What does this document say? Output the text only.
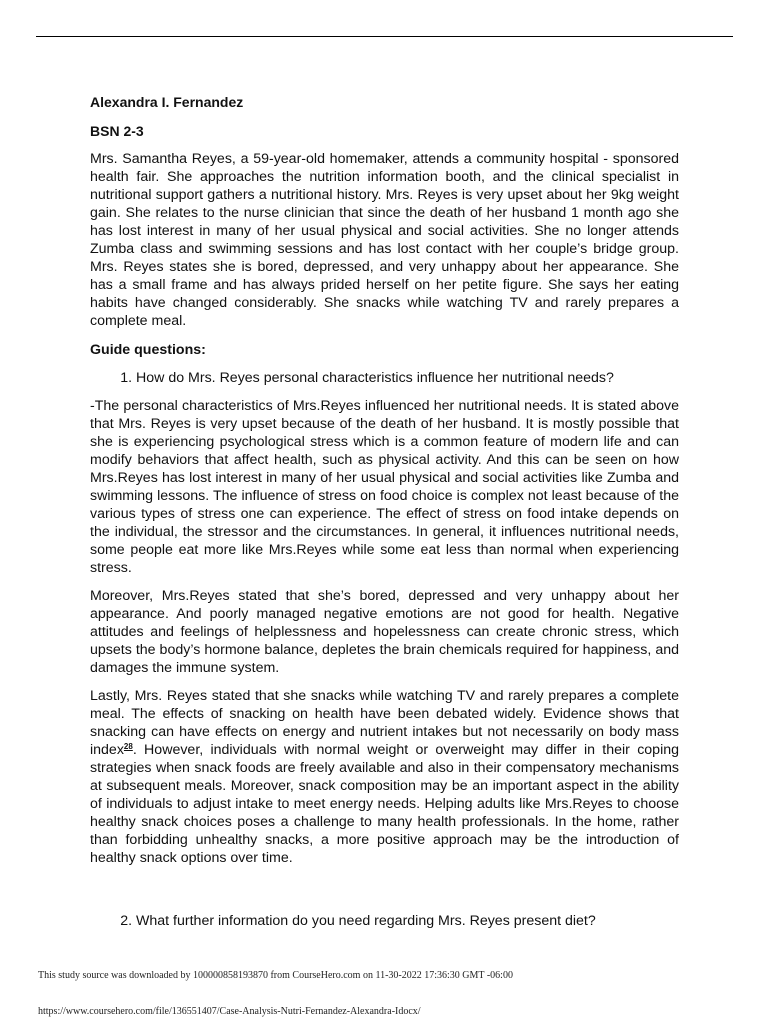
Alexandra I. Fernandez

BSN 2-3

Mrs. Samantha Reyes, a 59-year-old homemaker, attends a community hospital - sponsored health fair. She approaches the nutrition information booth, and the clinical specialist in nutritional support gathers a nutritional history. Mrs. Reyes is very upset about her 9kg weight gain. She relates to the nurse clinician that since the death of her husband 1 month ago she has lost interest in many of her usual physical and social activities. She no longer attends Zumba class and swimming sessions and has lost contact with her couple’s bridge group. Mrs. Reyes states she is bored, depressed, and very unhappy about her appearance. She has a small frame and has always prided herself on her petite figure. She says her eating habits have changed considerably. She snacks while watching TV and rarely prepares a complete meal.

Guide questions:

1. How do Mrs. Reyes personal characteristics influence her nutritional needs?

-The personal characteristics of Mrs.Reyes influenced her nutritional needs. It is stated above that Mrs. Reyes is very upset because of the death of her husband. It is mostly possible that she is experiencing psychological stress which is a common feature of modern life and can modify behaviors that affect health, such as physical activity. And this can be seen on how Mrs.Reyes has lost interest in many of her usual physical and social activities like Zumba and swimming lessons. The influence of stress on food choice is complex not least because of the various types of stress one can experience. The effect of stress on food intake depends on the individual, the stressor and the circumstances. In general, it influences nutritional needs, some people eat more like Mrs.Reyes while some eat less than normal when experiencing stress.

Moreover, Mrs.Reyes stated that she’s bored, depressed and very unhappy about her appearance. And poorly managed negative emotions are not good for health. Negative attitudes and feelings of helplessness and hopelessness can create chronic stress, which upsets the body’s hormone balance, depletes the brain chemicals required for happiness, and damages the immune system.

Lastly, Mrs. Reyes stated that she snacks while watching TV and rarely prepares a complete meal. The effects of snacking on health have been debated widely. Evidence shows that snacking can have effects on energy and nutrient intakes but not necessarily on body mass index$^{28}$. However, individuals with normal weight or overweight may differ in their coping strategies when snack foods are freely available and also in their compensatory mechanisms at subsequent meals. Moreover, snack composition may be an important aspect in the ability of individuals to adjust intake to meet energy needs. Helping adults like Mrs.Reyes to choose healthy snack choices poses a challenge to many health professionals. In the home, rather than forbidding unhealthy snacks, a more positive approach may be the introduction of healthy snack options over time.

2. What further information do you need regarding Mrs. Reyes present diet?
This study source was downloaded by 100000858193870 from CourseHero.com on 11-30-2022 17:36:30 GMT -06:00
https://www.coursehero.com/file/136551407/Case-Analysis-Nutri-Fernandez-Alexandra-Idocx/
